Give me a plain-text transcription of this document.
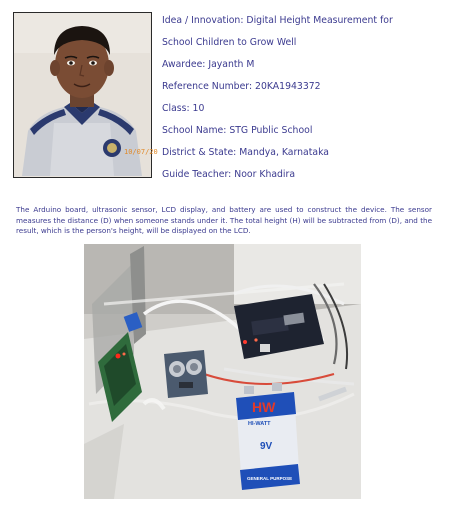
10/07/20
Idea / Innovation: Digital Height Measurement for
School Children to Grow Well
Awardee: Jayanth M
Reference Number: 20KA1943372
Class: 10
School Name: STG Public School
District & State: Mandya, Karnataka
Guide Teacher: Noor Khadira
The Arduino board, ultrasonic sensor, LCD display, and battery are used to construct the device. The sensor measures the distance (D) when someone stands under it. The total height (H) will be subtracted from (D), and the result, which is the person's height, will be displayed on the LCD.
HW
HI-WATT
9V
GENERAL PURPOSE
